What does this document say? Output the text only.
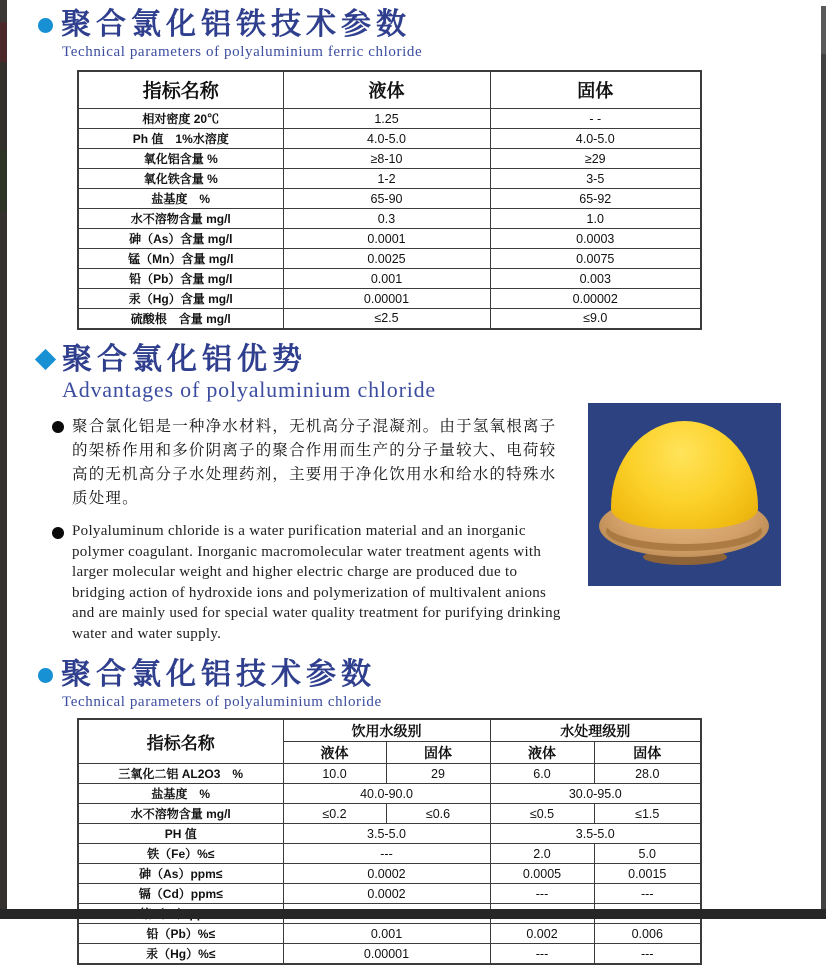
聚合氯化铝铁技术参数
Technical parameters of polyaluminium ferric chloride
指标名称	液体	固体
相对密度 20℃	1.25	- -
Ph 值　1%水溶度	4.0-5.0	4.0-5.0
氧化铝含量 %	≥8-10	≥29
氧化铁含量 %	1-2	3-5
盐基度　%	65-90	65-92
水不溶物含量 mg/l	0.3	1.0
砷（As）含量 mg/l	0.0001	0.0003
锰（Mn）含量 mg/l	0.0025	0.0075
铅（Pb）含量 mg/l	0.001	0.003
汞（Hg）含量 mg/l	0.00001	0.00002
硫酸根　含量 mg/l	≤2.5	≤9.0
聚合氯化铝优势
Advantages of polyaluminium chloride

聚合氯化铝是一种净水材料，无机高分子混凝剂。由于氢氧根离子的架桥作用和多价阴离子的聚合作用而生产的分子量较大、电荷较高的无机高分子水处理药剂，主要用于净化饮用水和给水的特殊水质处理。

Polyaluminum chloride is a water purification material and an inorganic polymer coagulant. Inorganic macromolecular water treatment agents with larger molecular weight and higher electric charge are produced due to bridging action of hydroxide ions and polymerization of multivalent anions and are mainly used for special water quality treatment for purifying drinking water and water supply.

聚合氯化铝技术参数
Technical parameters of polyaluminium chloride
指标名称	饮用水级别		水处理级别	
	液体	固体	液体	固体
三氧化二铝 AL2O3　%	10.0	29	6.0	28.0
盐基度　%	40.0-90.0		30.0-95.0	
水不溶物含量 mg/l	≤0.2	≤0.6	≤0.5	≤1.5
PH 值	3.5-5.0		3.5-5.0	
铁（Fe）%≤	---		2.0	5.0
砷（As）ppm≤	0.0002		0.0005	0.0015
镉（Cd）ppm≤	0.0002		---	---

铅（Pb）%≤	0.001		0.002	0.006
汞（Hg）%≤	0.00001		---	---
